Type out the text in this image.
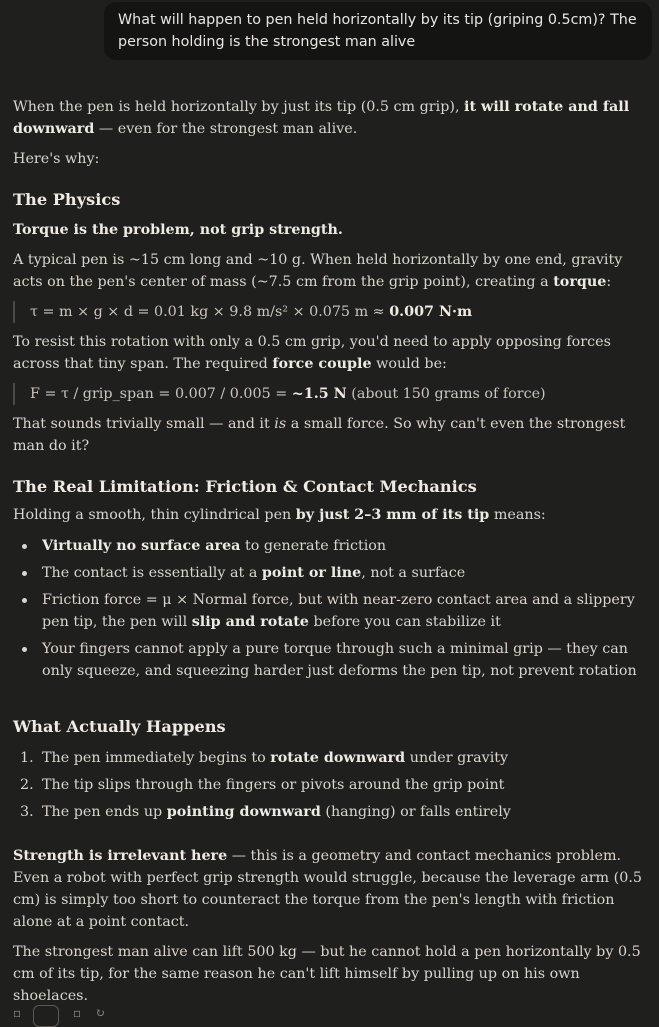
What will happen to pen held horizontally by its tip (griping 0.5cm)? The person holding is the strongest man alive

When the pen is held horizontally by just its tip (0.5 cm grip), it will rotate and fall downward — even for the strongest man alive.

Here's why:

The Physics

Torque is the problem, not grip strength.

A typical pen is ~15 cm long and ~10 g. When held horizontally by one end, gravity acts on the pen's center of mass (~7.5 cm from the grip point), creating a torque:

τ = m × g × d = 0.01 kg × 9.8 m/s² × 0.075 m ≈ 0.007 N·m

To resist this rotation with only a 0.5 cm grip, you'd need to apply opposing forces across that tiny span. The required force couple would be:

F = τ / grip_span = 0.007 / 0.005 = ~1.5 N (about 150 grams of force)

That sounds trivially small — and it is a small force. So why can't even the strongest man do it?

The Real Limitation: Friction & Contact Mechanics

Holding a smooth, thin cylindrical pen by just 2–3 mm of its tip means:

Virtually no surface area to generate friction
The contact is essentially at a point or line, not a surface
Friction force = μ × Normal force, but with near-zero contact area and a slippery pen tip, the pen will slip and rotate before you can stabilize it
Your fingers cannot apply a pure torque through such a minimal grip — they can only squeeze, and squeezing harder just deforms the pen tip, not prevent rotation
What Actually Happens
1. The pen immediately begins to rotate downward under gravity
2. The tip slips through the fingers or pivots around the grip point
3. The pen ends up pointing downward (hanging) or falls entirely

Strength is irrelevant here — this is a geometry and contact mechanics problem. Even a robot with perfect grip strength would struggle, because the leverage arm (0.5 cm) is simply too short to counteract the torque from the pen's length with friction alone at a point contact.

The strongest man alive can lift 500 kg — but he cannot hold a pen horizontally by 0.5 cm of its tip, for the same reason he can't lift himself by pulling up on his own shoelaces.

▫	▫ ↻
